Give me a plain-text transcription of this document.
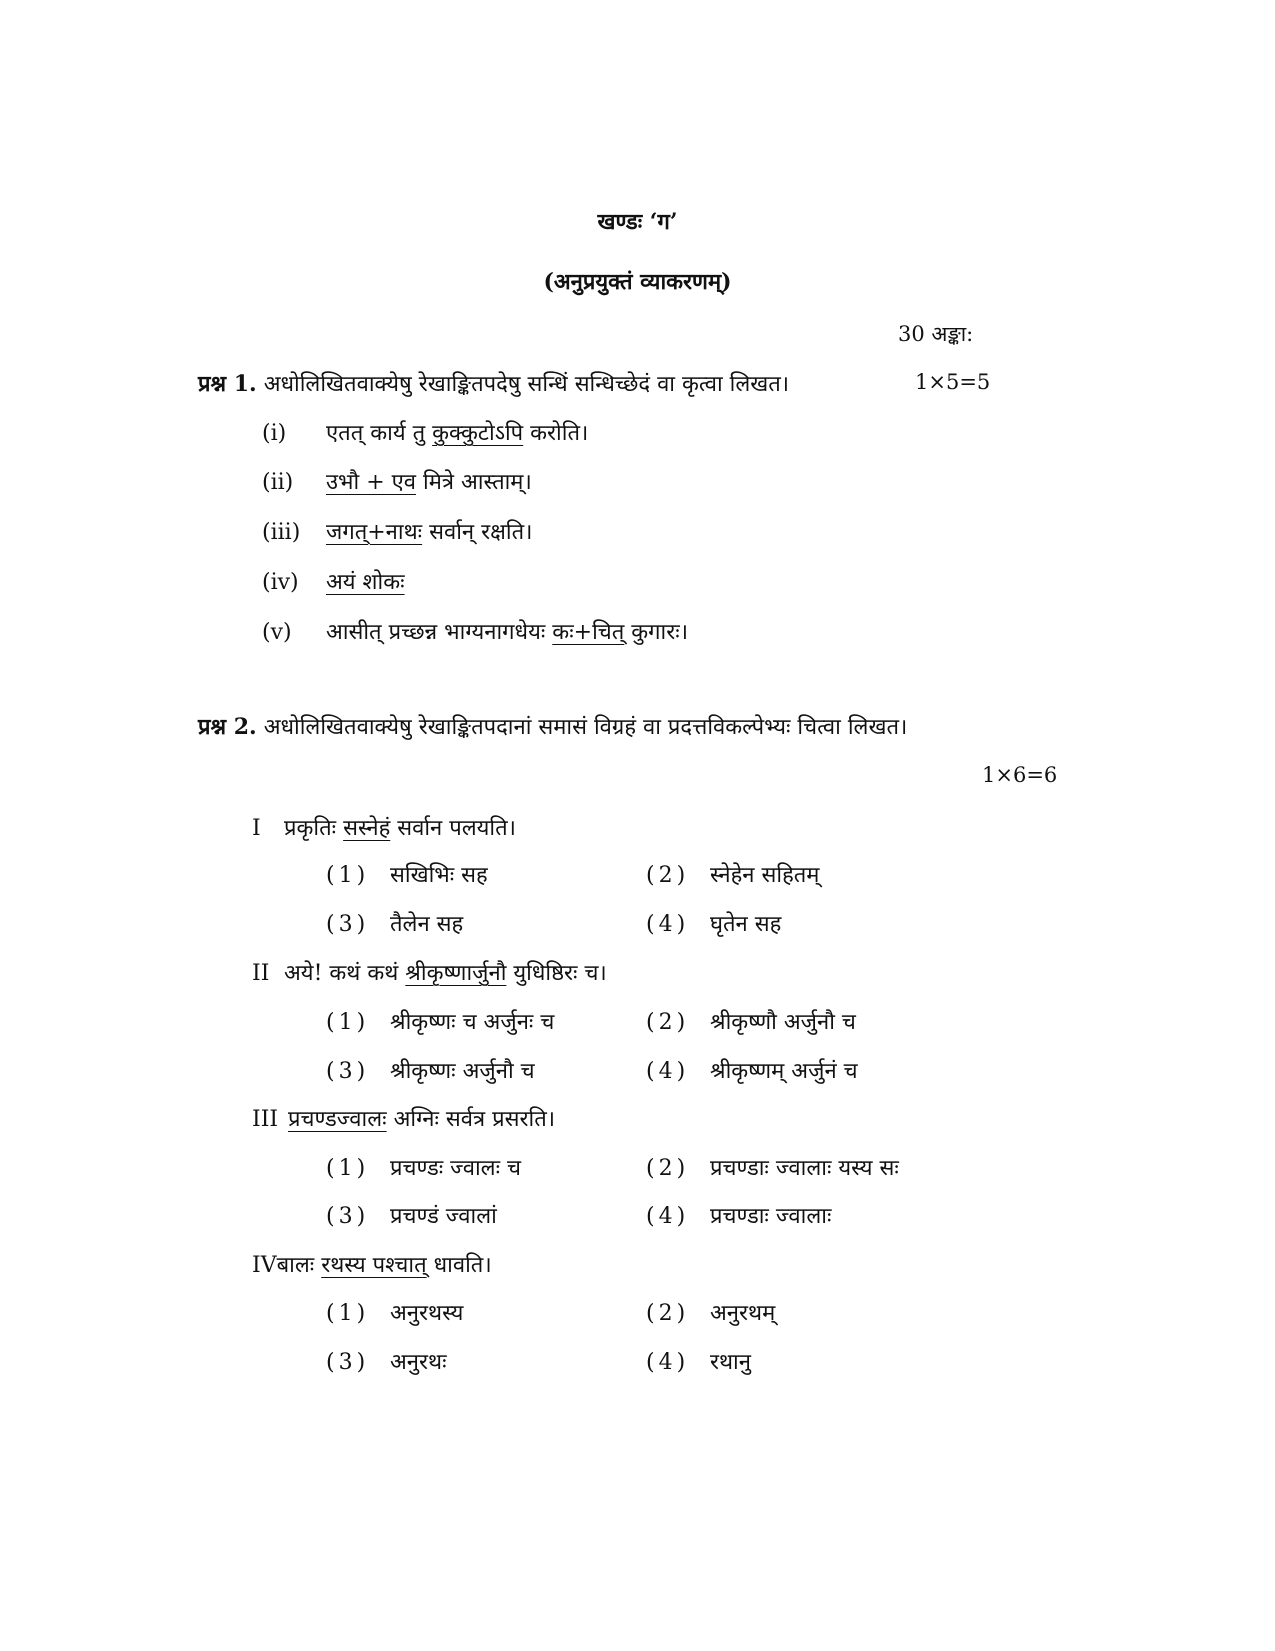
खण्डः ‘ग’
(अनुप्रयुक्तं व्याकरणम्)
30 अङ्का:
प्रश्न 1. अधोलिखितवाक्येषु रेखाङ्कितपदेषु सन्धिं सन्धिच्छेदं वा कृत्वा लिखत।	1×5=5
(i) एतत् कार्य तु कुक्कुटोऽपि करोति।
(ii) उभौ + एव मित्रे आस्ताम्।
(iii) जगत्+नाथः सर्वान् रक्षति।
(iv) अयं शोकः
(v) आसीत् प्रच्छन्न भाग्यनागधेयः कः+चित् कुगारः।
प्रश्न 2. अधोलिखितवाक्येषु रेखाङ्कितपदानां समासं विग्रहं वा प्रदत्तविकल्पेभ्यः चित्वा लिखत।
1×6=6
I प्रकृतिः सस्नेहं सर्वान पलयति।
(1) सखिभिः सह	(2) स्नेहेन सहितम्
(3) तैलेन सह	(4) घृतेन सह
II अये! कथं कथं श्रीकृष्णार्जुनौ युधिष्ठिरः च।
(1) श्रीकृष्णः च अर्जुनः च	(2) श्रीकृष्णौ अर्जुनौ च
(3) श्रीकृष्णः अर्जुनौ च	(4) श्रीकृष्णम् अर्जुनं च
III प्रचण्डज्वालः अग्निः सर्वत्र प्रसरति।
(1) प्रचण्डः ज्वालः च	(2) प्रचण्डाः ज्वालाः यस्य सः
(3) प्रचण्डं ज्वालां	(4) प्रचण्डाः ज्वालाः
IVबालः रथस्य पश्चात् धावति।
(1) अनुरथस्य	(2) अनुरथम्
(3) अनुरथः	(4) रथानु
